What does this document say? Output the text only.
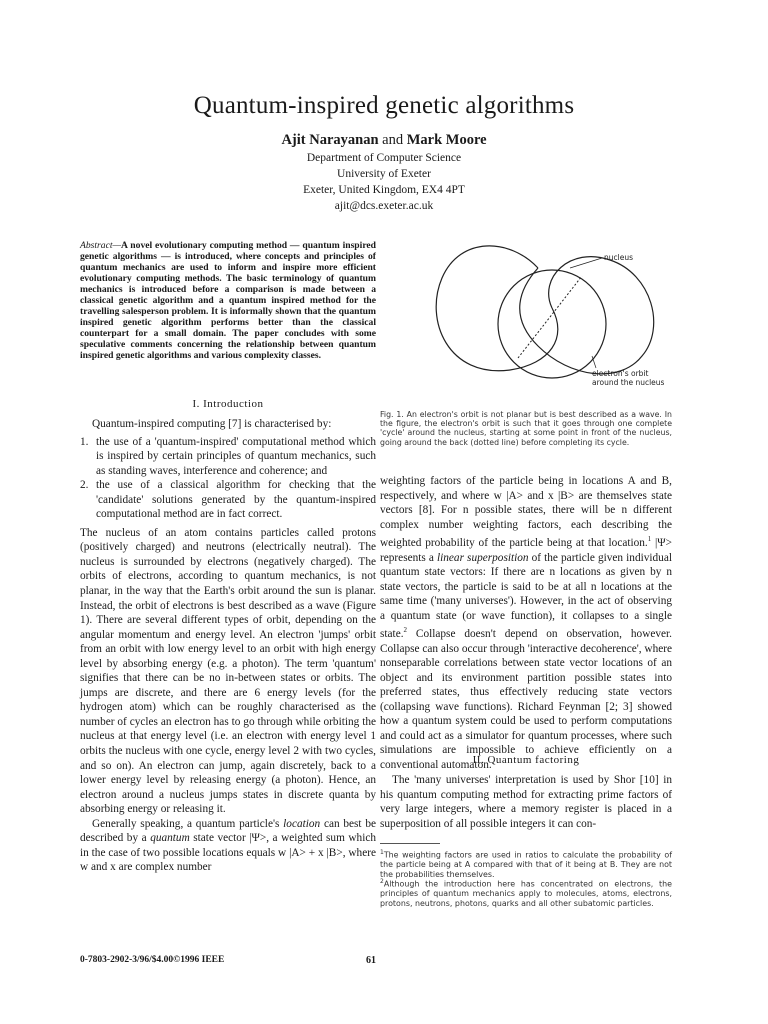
Quantum-inspired genetic algorithms
Ajit Narayanan and Mark Moore
Department of Computer Science
University of Exeter
Exeter, United Kingdom, EX4 4PT
ajit@dcs.exeter.ac.uk
Abstract—A novel evolutionary computing method — quantum inspired genetic algorithms — is introduced, where concepts and principles of quantum mechanics are used to inform and inspire more efficient evolutionary computing methods. The basic terminology of quantum mechanics is introduced before a comparison is made between a classical genetic algorithm and a quantum inspired method for the travelling salesperson problem. It is informally shown that the quantum inspired genetic algorithm performs better than the classical counterpart for a small domain. The paper concludes with some speculative comments concerning the relationship between quantum inspired genetic algorithms and various complexity classes.
I. Introduction

Quantum-inspired computing [7] is characterised by:

1. the use of a 'quantum-inspired' computational method which is inspired by certain principles of quantum mechanics, such as standing waves, interference and coherence; and
2. the use of a classical algorithm for checking that the 'candidate' solutions generated by the quantum-inspired computational method are in fact correct.

The nucleus of an atom contains particles called protons (positively charged) and neutrons (electrically neutral). The nucleus is surrounded by electrons (negatively charged). The orbits of electrons, according to quantum mechanics, is not planar, in the way that the Earth's orbit around the sun is planar. Instead, the orbit of electrons is best described as a wave (Figure 1). There are several different types of orbit, depending on the angular momentum and energy level. An electron 'jumps' orbit from an orbit with low energy level to an orbit with high energy level by absorbing energy (e.g. a photon). The term 'quantum' signifies that there can be no in-between states or orbits. The jumps are discrete, and there are 6 energy levels (for the hydrogen atom) which can be roughly characterised as the number of cycles an electron has to go through while orbiting the nucleus at that energy level (i.e. an electron with energy level 1 orbits the nucleus with one cycle, energy level 2 with two cycles, and so on). An electron can jump, again discretely, back to a lower energy level by releasing energy (a photon). Hence, an electron around a nucleus jumps states in discrete quanta by absorbing energy or releasing it.

Generally speaking, a quantum particle's location can best be described by a quantum state vector |Ψ>, a weighted sum which in the case of two possible locations equals w |A> + x |B>, where w and x are complex number

nucleus
electron's orbit
around the nucleus
Fig. 1. An electron's orbit is not planar but is best described as a wave. In the figure, the electron's orbit is such that it goes through one complete 'cycle' around the nucleus, starting at some point in front of the nucleus, going around the back (dotted line) before completing its cycle.

weighting factors of the particle being in locations A and B, respectively, and where w |A> and x |B> are themselves state vectors [8]. For n possible states, there will be n different complex number weighting factors, each describing the weighted probability of the particle being at that location.$^1$ |Ψ> represents a linear superposition of the particle given individual quantum state vectors: If there are n locations as given by n state vectors, the particle is said to be at all n locations at the same time ('many universes'). However, in the act of observing a quantum state (or wave function), it collapses to a single state.$^2$ Collapse doesn't depend on observation, however. Collapse can also occur through 'interactive decoherence', where nonseparable correlations between state vector locations of an object and its environment partition possible states into preferred states, thus effectively reducing state vectors (collapsing wave functions). Richard Feynman [2; 3] showed how a quantum system could be used to perform computations and could act as a simulator for quantum processes, where such simulations are impossible to achieve efficiently on a conventional automaton.

II. Quantum factoring

The 'many universes' interpretation is used by Shor [10] in his quantum computing method for extracting prime factors of very large integers, where a memory register is placed in a superposition of all possible integers it can con-

$^1$The weighting factors are used in ratios to calculate the probability of the particle being at A compared with that of it being at B. They are not the probabilities themselves.
$^2$Although the introduction here has concentrated on electrons, the principles of quantum mechanics apply to molecules, atoms, electrons, protons, neutrons, photons, quarks and all other subatomic particles.
0-7803-2902-3/96/$4.00©1996 IEEE	61
